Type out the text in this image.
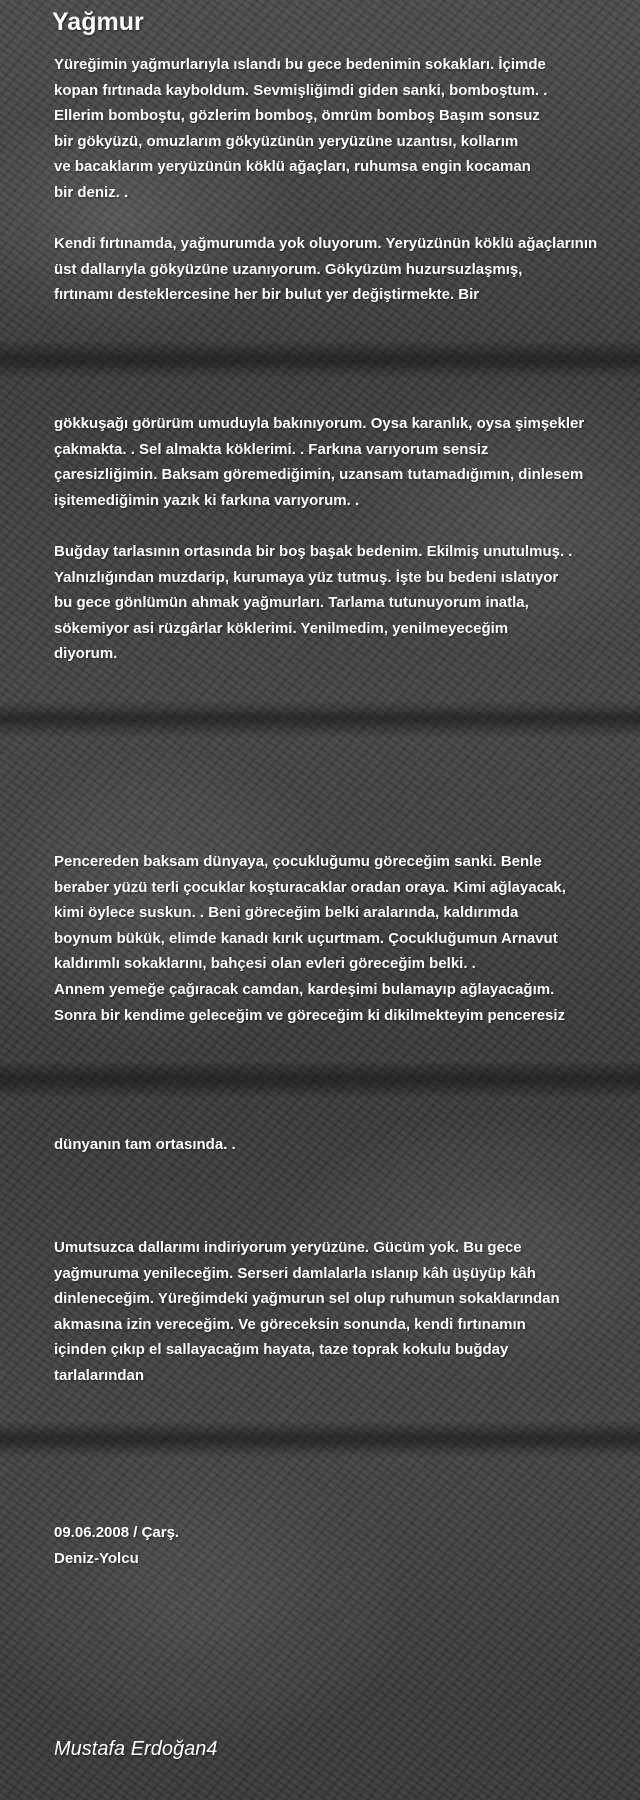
Yağmur
Yüreğimin yağmurlarıyla ıslandı bu gece bedenimin sokakları. İçimde
kopan fırtınada kayboldum. Sevmişliğimdi giden sanki, bomboştum. .
Ellerim bomboştu, gözlerim bomboş, ömrüm bomboş Başım sonsuz
bir gökyüzü, omuzlarım gökyüzünün yeryüzüne uzantısı, kollarım
ve bacaklarım yeryüzünün köklü ağaçları, ruhumsa engin kocaman
bir deniz. .

Kendi fırtınamda, yağmurumda yok oluyorum. Yeryüzünün köklü ağaçlarının
üst dallarıyla gökyüzüne uzanıyorum. Gökyüzüm huzursuzlaşmış,
fırtınamı desteklercesine her bir bulut yer değiştirmekte. Bir
gökkuşağı görürüm umuduyla bakınıyorum. Oysa karanlık, oysa şimşekler
çakmakta. . Sel almakta köklerimi. . Farkına varıyorum sensiz
çaresizliğimin. Baksam göremediğimin, uzansam tutamadığımın, dinlesem
işitemediğimin yazık ki farkına varıyorum. .

Buğday tarlasının ortasında bir boş başak bedenim. Ekilmiş unutulmuş. .
Yalnızlığından muzdarip, kurumaya yüz tutmuş. İşte bu bedeni ıslatıyor
bu gece gönlümün ahmak yağmurları. Tarlama tutunuyorum inatla,
sökemiyor asi rüzgârlar köklerimi. Yenilmedim, yenilmeyeceğim
diyorum.
Pencereden baksam dünyaya, çocukluğumu göreceğim sanki. Benle
beraber yüzü terli çocuklar koşturacaklar oradan oraya. Kimi ağlayacak,
kimi öylece suskun. . Beni göreceğim belki aralarında, kaldırımda
boynum bükük, elimde kanadı kırık uçurtmam. Çocukluğumun Arnavut
kaldırımlı sokaklarını, bahçesi olan evleri göreceğim belki. .
Annem yemeğe çağıracak camdan, kardeşimi bulamayıp ağlayacağım.
Sonra bir kendime geleceğim ve göreceğim ki dikilmekteyim penceresiz
dünyanın tam ortasında. .
Umutsuzca dallarımı indiriyorum yeryüzüne. Gücüm yok. Bu gece
yağmuruma yenileceğim. Serseri damlalarla ıslanıp kâh üşüyüp kâh
dinleneceğim. Yüreğimdeki yağmurun sel olup ruhumun sokaklarından
akmasına izin vereceğim. Ve göreceksin sonunda, kendi fırtınamın
içinden çıkıp el sallayacağım hayata, taze toprak kokulu buğday
tarlalarından
09.06.2008 / Çarş.
Deniz-Yolcu
Mustafa Erdoğan4
